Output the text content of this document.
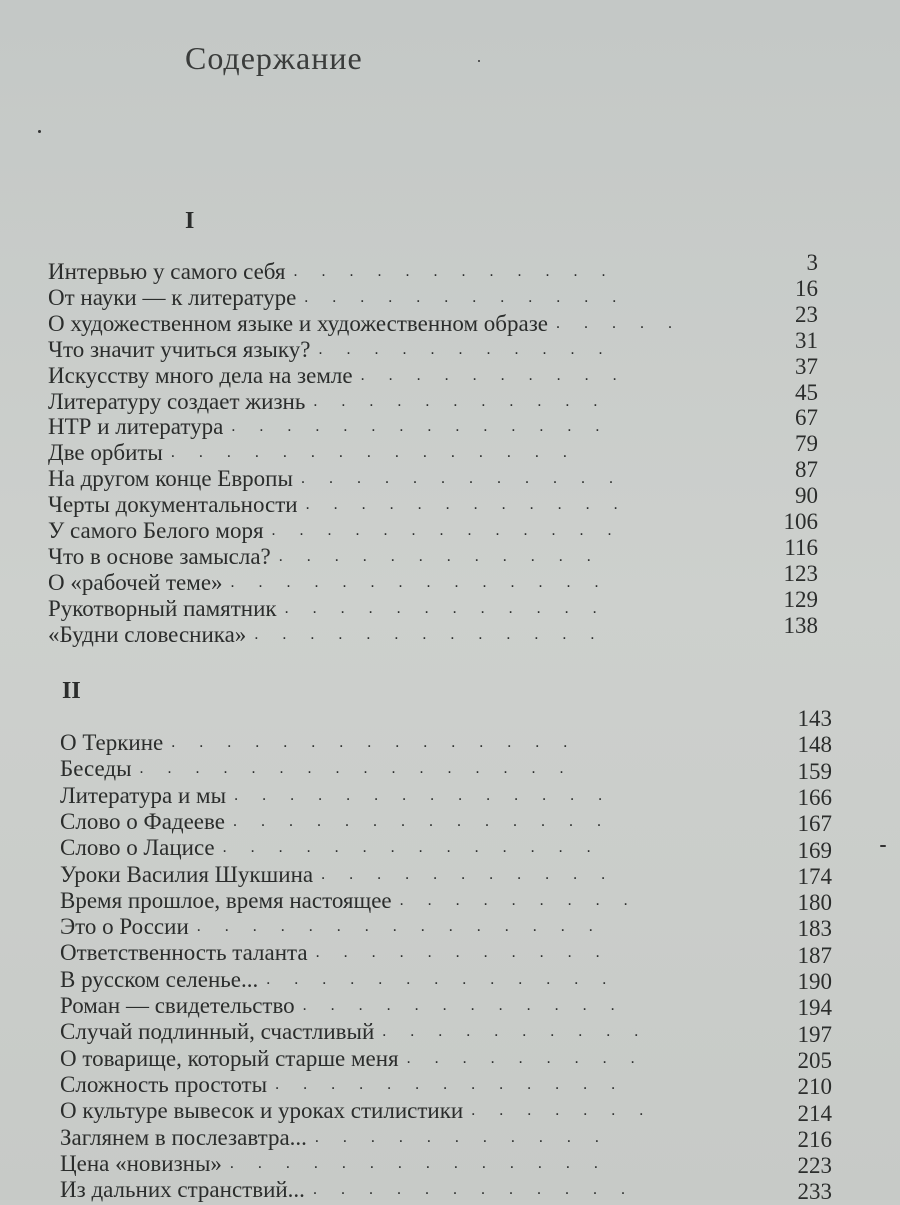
Содержание
I
II
Интервью у самого себя .  .  .  .  .  .  .  .  .  .  .  .  
От науки — к литературе .  .  .  .  .  .  .  .  .  .  .  .  
О художественном языке и художественном образе .  .  .  .  .  
Что значит учиться языку? .  .  .  .  .  .  .  .  .  .  .  
Искусству много дела на земле .  .  .  .  .  .  .  .  .  .  
Литературу создает жизнь .  .  .  .  .  .  .  .  .  .  .  
НТР и литература .  .  .  .  .  .  .  .  .  .  .  .  .  .  
Две орбиты .  .  .  .  .  .  .  .  .  .  .  .  .  .  .  
На другом конце Европы .  .  .  .  .  .  .  .  .  .  .  .  
Черты документальности .  .  .  .  .  .  .  .  .  .  .  .  
У самого Белого моря .  .  .  .  .  .  .  .  .  .  .  .  .  
Что в основе замысла? .  .  .  .  .  .  .  .  .  .  .  .  
О «рабочей теме» .  .  .  .  .  .  .  .  .  .  .  .  .  .  
Рукотворный памятник .  .  .  .  .  .  .  .  .  .  .  .  
«Будни словесника» .  .  .  .  .  .  .  .  .  .  .  .  .  
3
16
23
31
37
45
67
79
87
90
106
116
123
129
138
О Теркине .  .  .  .  .  .  .  .  .  .  .  .  .  .  .  
Беседы .  .  .  .  .  .  .  .  .  .  .  .  .  .  .  .  
Литература и мы .  .  .  .  .  .  .  .  .  .  .  .  .  .  
Слово о Фадееве .  .  .  .  .  .  .  .  .  .  .  .  .  .  
Слово о Лацисе .  .  .  .  .  .  .  .  .  .  .  .  .  .  
Уроки Василия Шукшина .  .  .  .  .  .  .  .  .  .  .  
Время прошлое, время настоящее .  .  .  .  .  .  .  .  .  
Это о России .  .  .  .  .  .  .  .  .  .  .  .  .  .  .  
Ответственность таланта .  .  .  .  .  .  .  .  .  .  .  
В русском селенье... .  .  .  .  .  .  .  .  .  .  .  .  .  
Роман — свидетельство .  .  .  .  .  .  .  .  .  .  .  .  
Случай подлинный, счастливый .  .  .  .  .  .  .  .  .  .  
О товарище, который старше меня .  .  .  .  .  .  .  .  .  
Сложность простоты .  .  .  .  .  .  .  .  .  .  .  .  .  
О культуре вывесок и уроках стилистики .  .  .  .  .  .  .  
Заглянем в послезавтра... .  .  .  .  .  .  .  .  .  .  .  
Цена «новизны» .  .  .  .  .  .  .  .  .  .  .  .  .  .  
Из дальних странствий... .  .  .  .  .  .  .  .  .  .  .  .  
143
148
159
166
167
169
174
180
183
187
190
194
197
205
210
214
216
223
233
